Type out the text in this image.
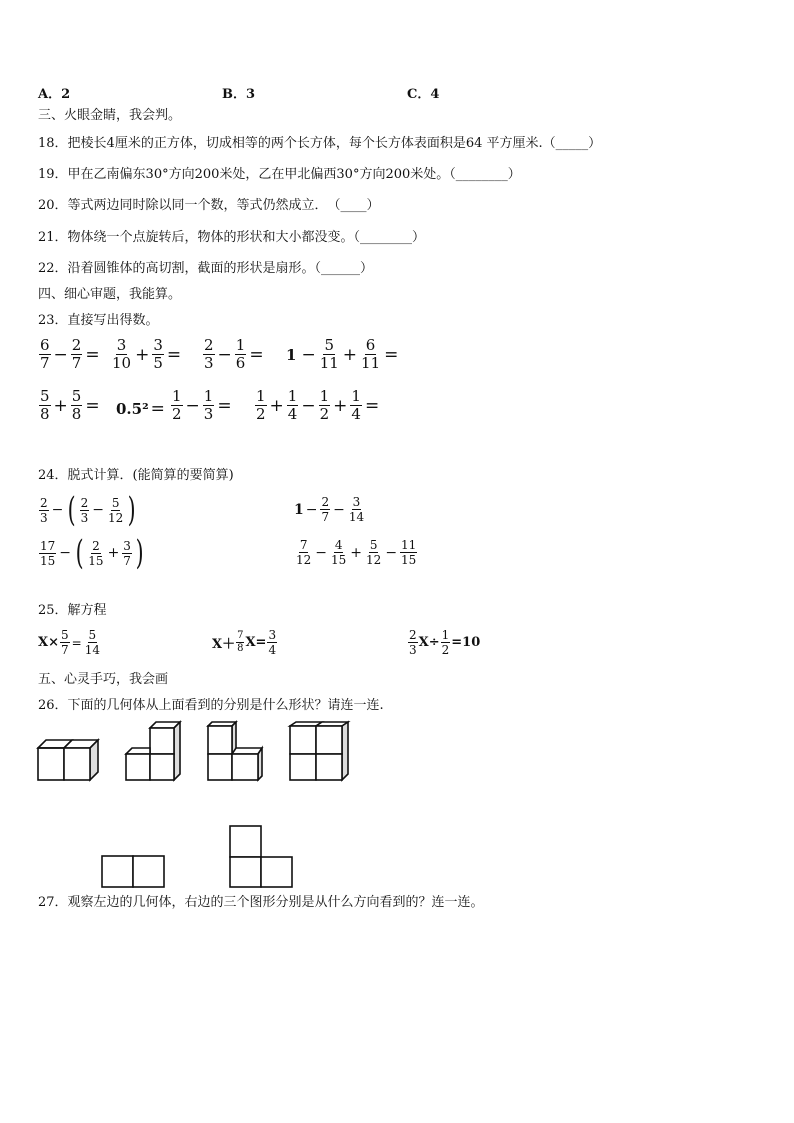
A．2	B．3	C．4
三、火眼金睛，我会判。
18．把棱长4厘米的正方体，切成相等的两个长方体，每个长方体表面积是64 平方厘米.（_____）
19．甲在乙南偏东30°方向200米处，乙在甲北偏西30°方向200米处。（________）
20．等式两边同时除以同一个数，等式仍然成立．　（____）
21．物体绕一个点旋转后，物体的形状和大小都没变。（________）
22．沿着圆锥体的高切割，截面的形状是扇形。（______）
四、细心审题，我能算。
23．直接写出得数。
$\frac{6}{7} - \frac{2}{7} = \frac{3}{10} + \frac{3}{5} = \frac{2}{3} - \frac{1}{6} = 1 - \frac{5}{11} + \frac{6}{11}$ =
$\frac{5}{8} + \frac{5}{8} = 0.5^2 = \frac{1}{2} - \frac{1}{3} = \frac{1}{2} + \frac{1}{4} - \frac{1}{2} + \frac{1}{4}$ =
24．脱式计算．(能简算的要简算)
$\frac{2}{3}$ − ( $\frac{2}{3} - \frac{5}{12}$ )	$1 - \frac{2}{7} - \frac{3}{14}$
$\frac{17}{15}$ − ( $\frac{2}{15} + \frac{3}{7}$ )	$\frac{7}{12} - \frac{4}{15} + \frac{5}{12} - \frac{11}{15}$
25．解方程
$X\times \frac{5}{7} = \frac{5}{14}$	$X+ \frac{7}{8} X= \frac{3}{4}$	$\frac{2}{3} X\div \frac{1}{2} =10$
五、心灵手巧，我会画
26．下面的几何体从上面看到的分别是什么形状？请连一连.
27．观察左边的几何体，右边的三个图形分别是从什么方向看到的？连一连。
